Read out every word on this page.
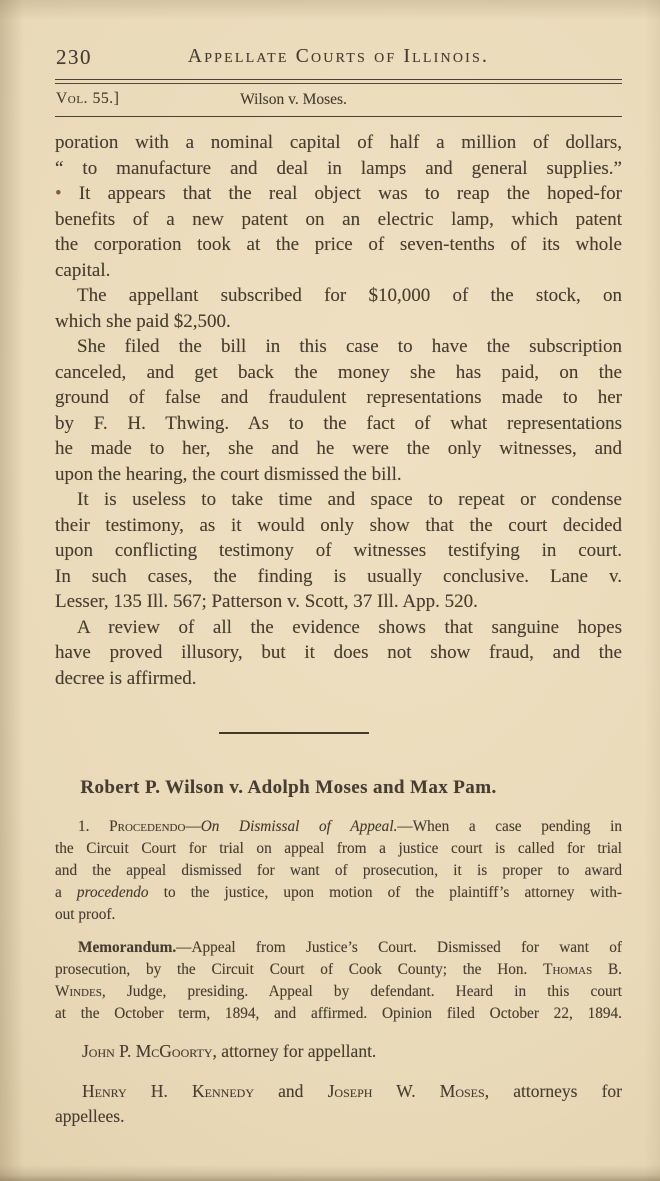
230	Appellate Courts of Illinois.
Vol. 55.]	Wilson v. Moses.
poration with a nominal capital of half a million of dollars,
“ to manufacture and deal in lamps and general supplies.”
• It appears that the real object was to reap the hoped-for
benefits of a new patent on an electric lamp, which patent
the corporation took at the price of seven-tenths of its whole
capital.
The appellant subscribed for $10,000 of the stock, on
which she paid $2,500.
She filed the bill in this case to have the subscription
canceled, and get back the money she has paid, on the
ground of false and fraudulent representations made to her
by F. H. Thwing. As to the fact of what representations
he made to her, she and he were the only witnesses, and
upon the hearing, the court dismissed the bill.
It is useless to take time and space to repeat or condense
their testimony, as it would only show that the court decided
upon conflicting testimony of witnesses testifying in court.
In such cases, the finding is usually conclusive. Lane v.
Lesser, 135 Ill. 567; Patterson v. Scott, 37 Ill. App. 520.
A review of all the evidence shows that sanguine hopes
have proved illusory, but it does not show fraud, and the
decree is affirmed.
Robert P. Wilson v. Adolph Moses and Max Pam.
1. Procedendo—On Dismissal of Appeal.—When a case pending in
the Circuit Court for trial on appeal from a justice court is called for trial
and the appeal dismissed for want of prosecution, it is proper to award
a procedendo to the justice, upon motion of the plaintiff’s attorney with-
out proof.
Memorandum.—Appeal from Justice’s Court. Dismissed for want of
prosecution, by the Circuit Court of Cook County; the Hon. Thomas B.
Windes, Judge, presiding. Appeal by defendant. Heard in this court
at the October term, 1894, and affirmed. Opinion filed October 22, 1894.
John P. McGoorty, attorney for appellant.
Henry H. Kennedy and Joseph W. Moses, attorneys for
appellees.
